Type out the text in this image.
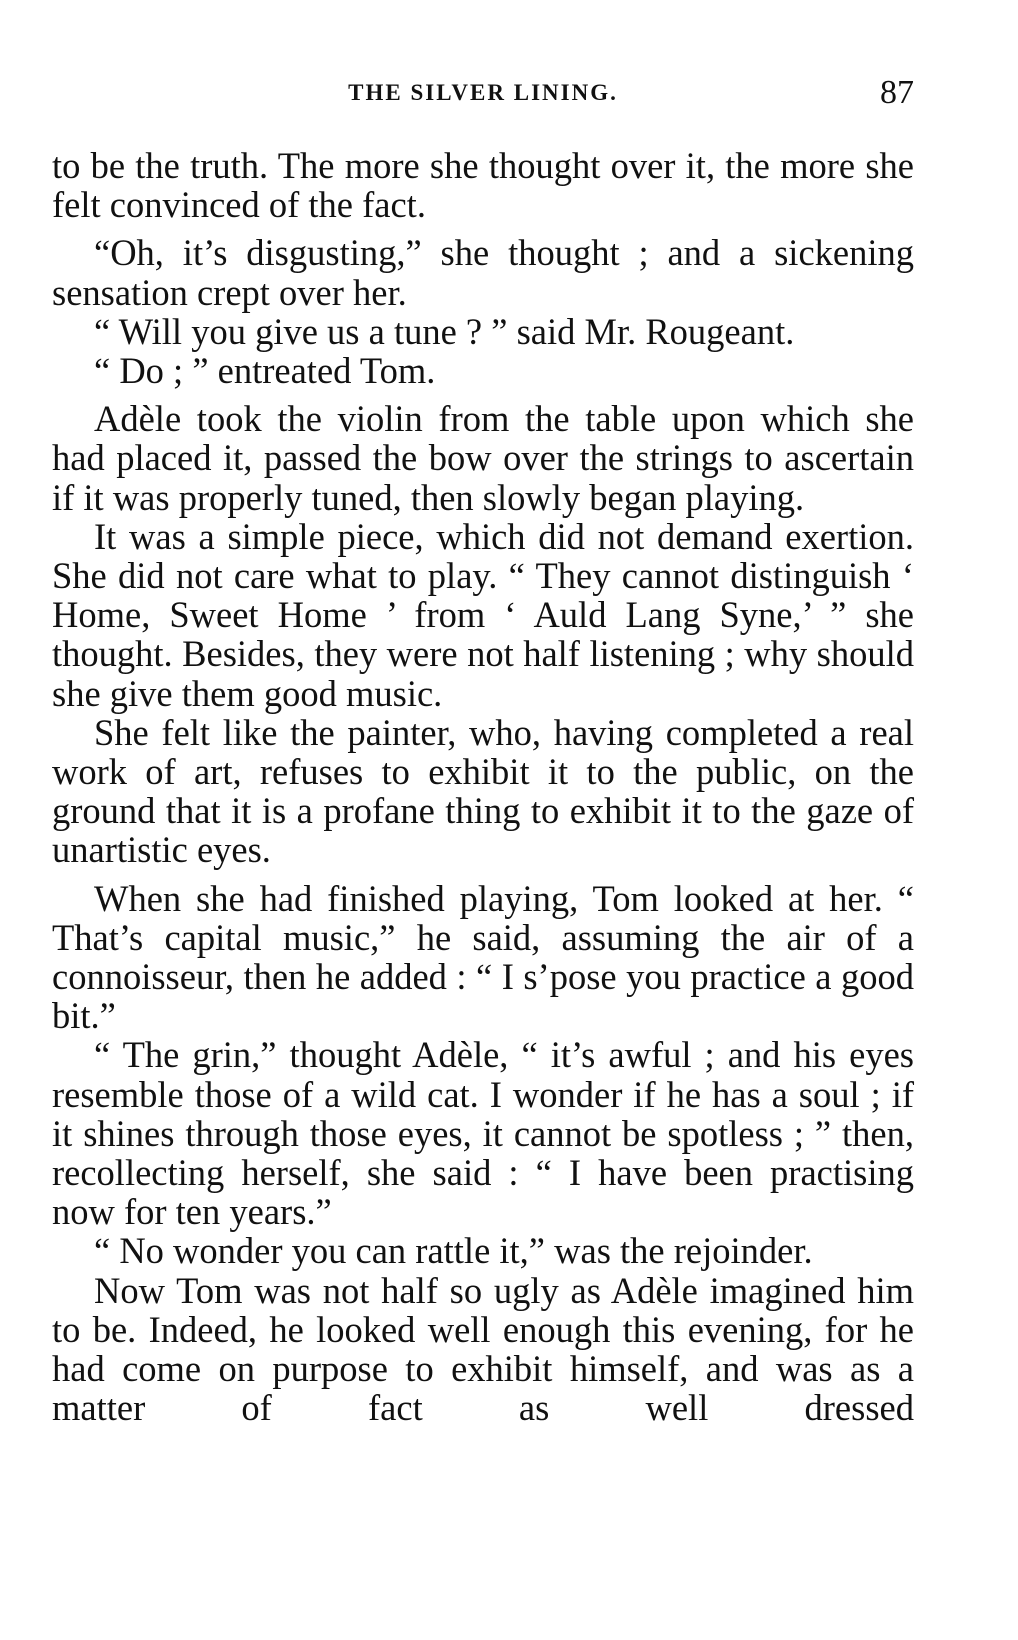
THE SILVER LINING.	87

to be the truth. The more she thought over it, the more she felt convinced of the fact.

“Oh, it’s disgusting,” she thought ; and a sickening sensation crept over her.

“ Will you give us a tune ? ” said Mr. Rougeant.

“ Do ; ” entreated Tom.

Adèle took the violin from the table upon which she had placed it, passed the bow over the strings to ascertain if it was properly tuned, then slowly began playing.

It was a simple piece, which did not demand exertion. She did not care what to play. “ They cannot distinguish ‘ Home, Sweet Home ’ from ‘ Auld Lang Syne,’ ” she thought. Besides, they were not half listening ; why should she give them good music.

She felt like the painter, who, having completed a real work of art, refuses to exhibit it to the public, on the ground that it is a profane thing to exhibit it to the gaze of unartistic eyes.

When she had finished playing, Tom looked at her. “ That’s capital music,” he said, assuming the air of a connoisseur, then he added : “ I s’pose you practice a good bit.”

“ The grin,” thought Adèle, “ it’s awful ; and his eyes resemble those of a wild cat. I wonder if he has a soul ; if it shines through those eyes, it cannot be spotless ; ” then, recollecting herself, she said : “ I have been practising now for ten years.”

“ No wonder you can rattle it,” was the rejoinder.

Now Tom was not half so ugly as Adèle imagined him to be. Indeed, he looked well enough this evening, for he had come on purpose to exhibit himself, and was as a matter of fact as well dressed
